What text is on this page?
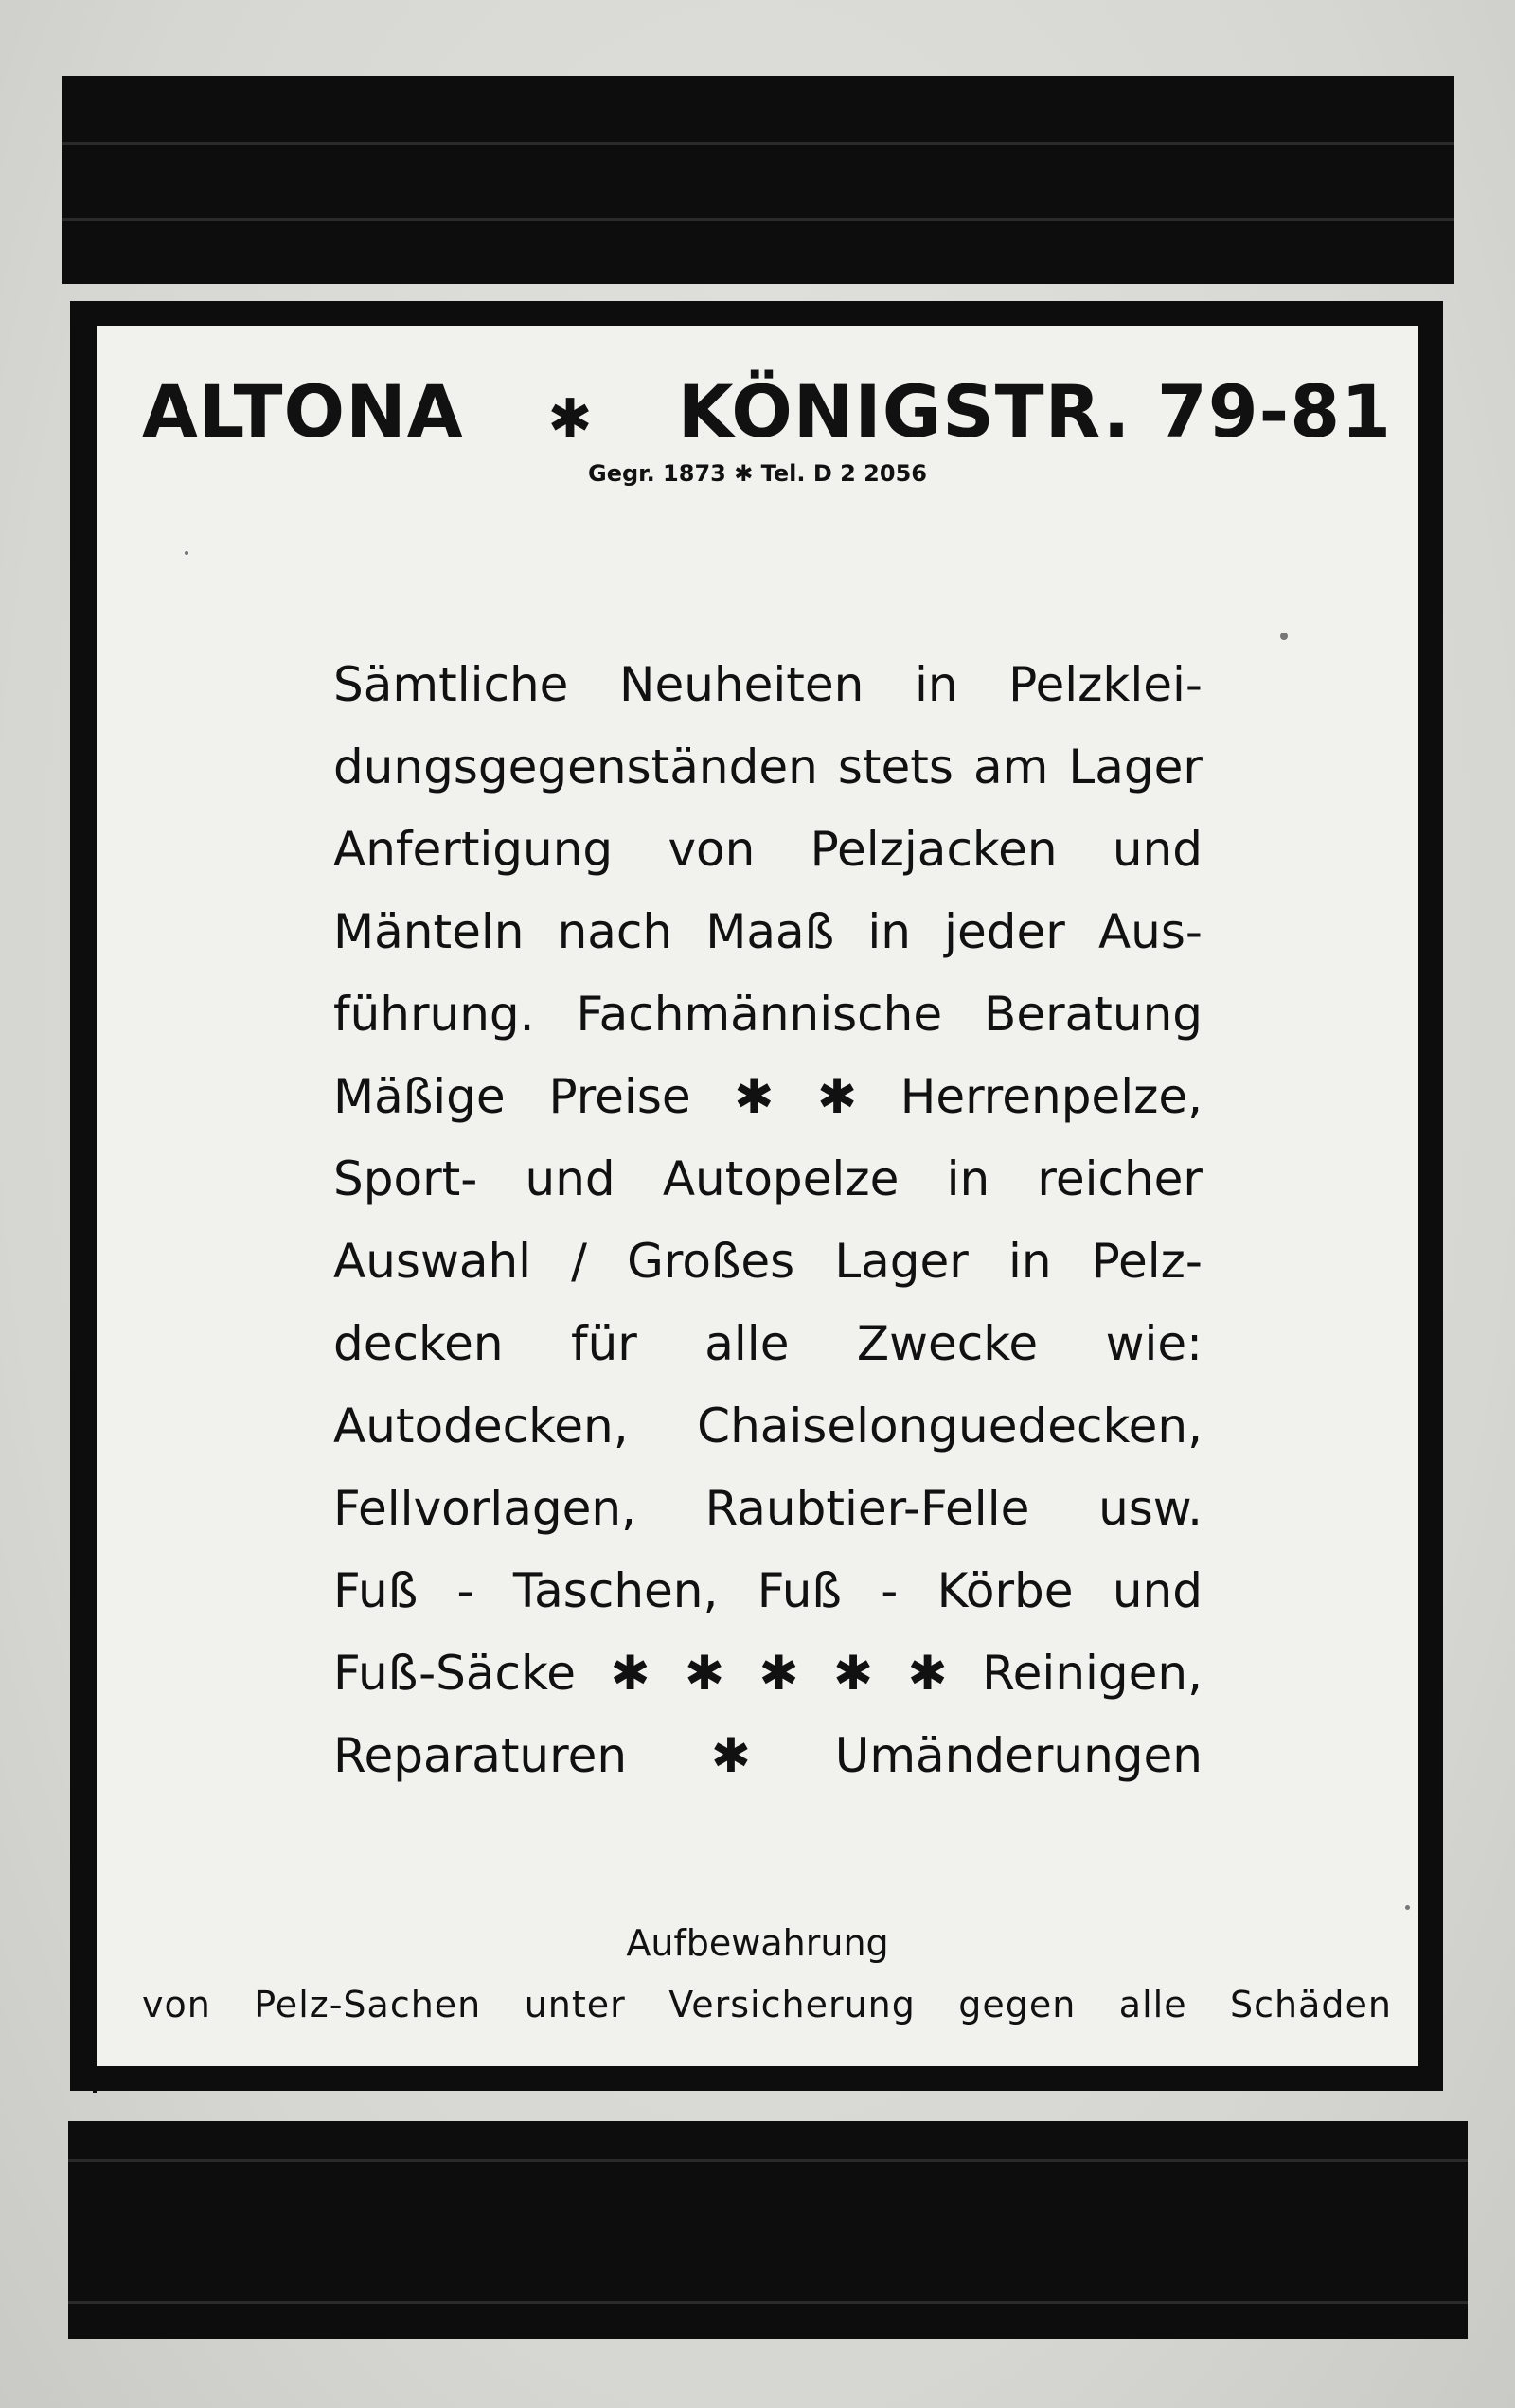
ALTONA ✱ KÖNIGSTR. 79-81
Gegr. 1873 ✱ Tel. D 2 2056
Sämtliche Neuheiten in Pelzklei-
dungsgegenständen stets am Lager
Anfertigung von Pelzjacken und
Mänteln nach Maaß in jeder Aus-
führung. Fachmännische Beratung
Mäßige Preise ✱ ✱ Herrenpelze,
Sport- und Autopelze in reicher
Auswahl / Großes Lager in Pelz-
decken für alle Zwecke wie:
Autodecken, Chaiselonguedecken,
Fellvorlagen, Raubtier-Felle usw.
Fuß - Taschen, Fuß - Körbe und
Fuß-Säcke ✱ ✱ ✱ ✱ ✱ Reinigen,
Reparaturen ✱ Umänderungen
Aufbewahrung
von Pelz-Sachen unter Versicherung gegen alle Schäden
